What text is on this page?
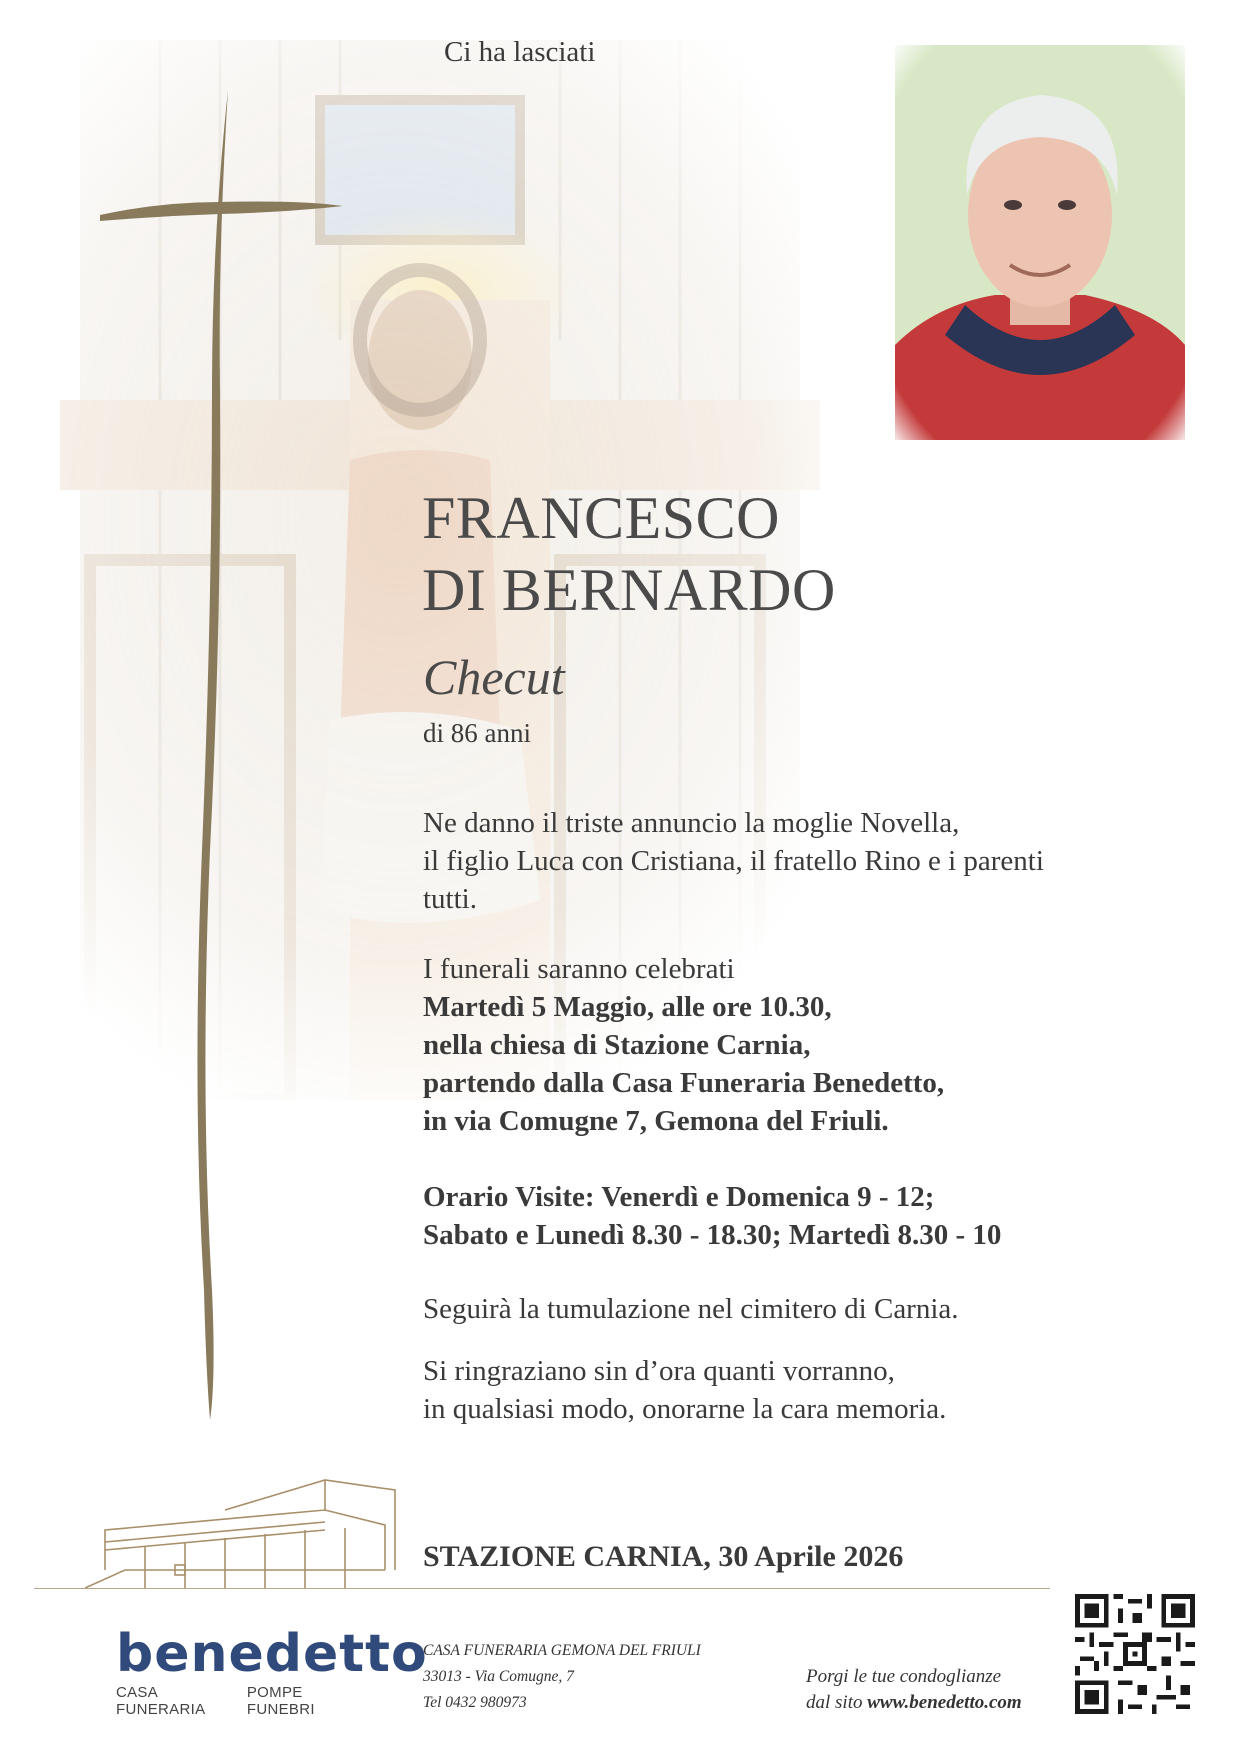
Ci ha lasciati
FRANCESCO
DI BERNARDO
Checut
di 86 anni
Ne danno il triste annuncio la moglie Novella,
il figlio Luca con Cristiana, il fratello Rino e i parenti
tutti.
I funerali saranno celebrati
Martedì 5 Maggio, alle ore 10.30,
nella chiesa di Stazione Carnia,
partendo dalla Casa Funeraria Benedetto,
in via Comugne 7, Gemona del Friuli.
Orario Visite: Venerdì e Domenica 9 - 12;
Sabato e Lunedì 8.30 - 18.30; Martedì 8.30 - 10
Seguirà la tumulazione nel cimitero di Carnia.
Si ringraziano sin d’ora quanti vorranno,
in qualsiasi modo, onorarne la cara memoria.
STAZIONE CARNIA, 30 Aprile 2026
benedetto
CASA FUNERARIA
POMPE FUNEBRI
CASA FUNERARIA GEMONA DEL FRIULI
33013 - Via Comugne, 7
Tel 0432 980973
Porgi le tue condoglianze
dal sito www.benedetto.com
